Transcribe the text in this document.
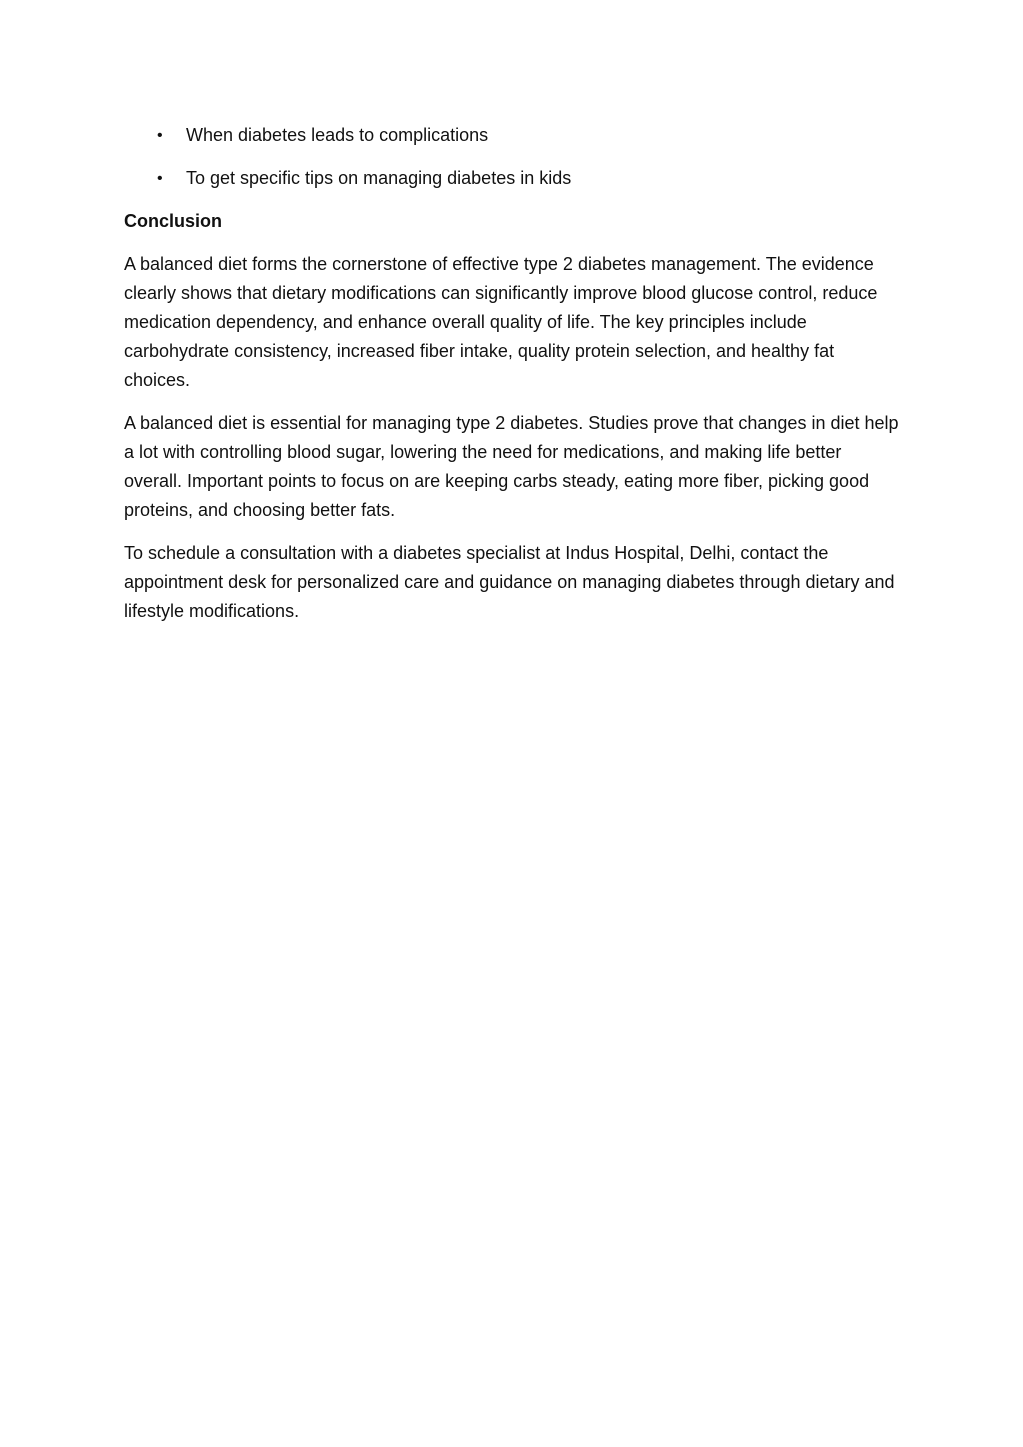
• When diabetes leads to complications
• To get specific tips on managing diabetes in kids
Conclusion

A balanced diet forms the cornerstone of effective type 2 diabetes management. The evidence clearly shows that dietary modifications can significantly improve blood glucose control, reduce medication dependency, and enhance overall quality of life. The key principles include carbohydrate consistency, increased fiber intake, quality protein selection, and healthy fat choices.

A balanced diet is essential for managing type 2 diabetes. Studies prove that changes in diet help a lot with controlling blood sugar, lowering the need for medications, and making life better overall. Important points to focus on are keeping carbs steady, eating more fiber, picking good proteins, and choosing better fats.

To schedule a consultation with a diabetes specialist at Indus Hospital, Delhi, contact the appointment desk for personalized care and guidance on managing diabetes through dietary and lifestyle modifications.
